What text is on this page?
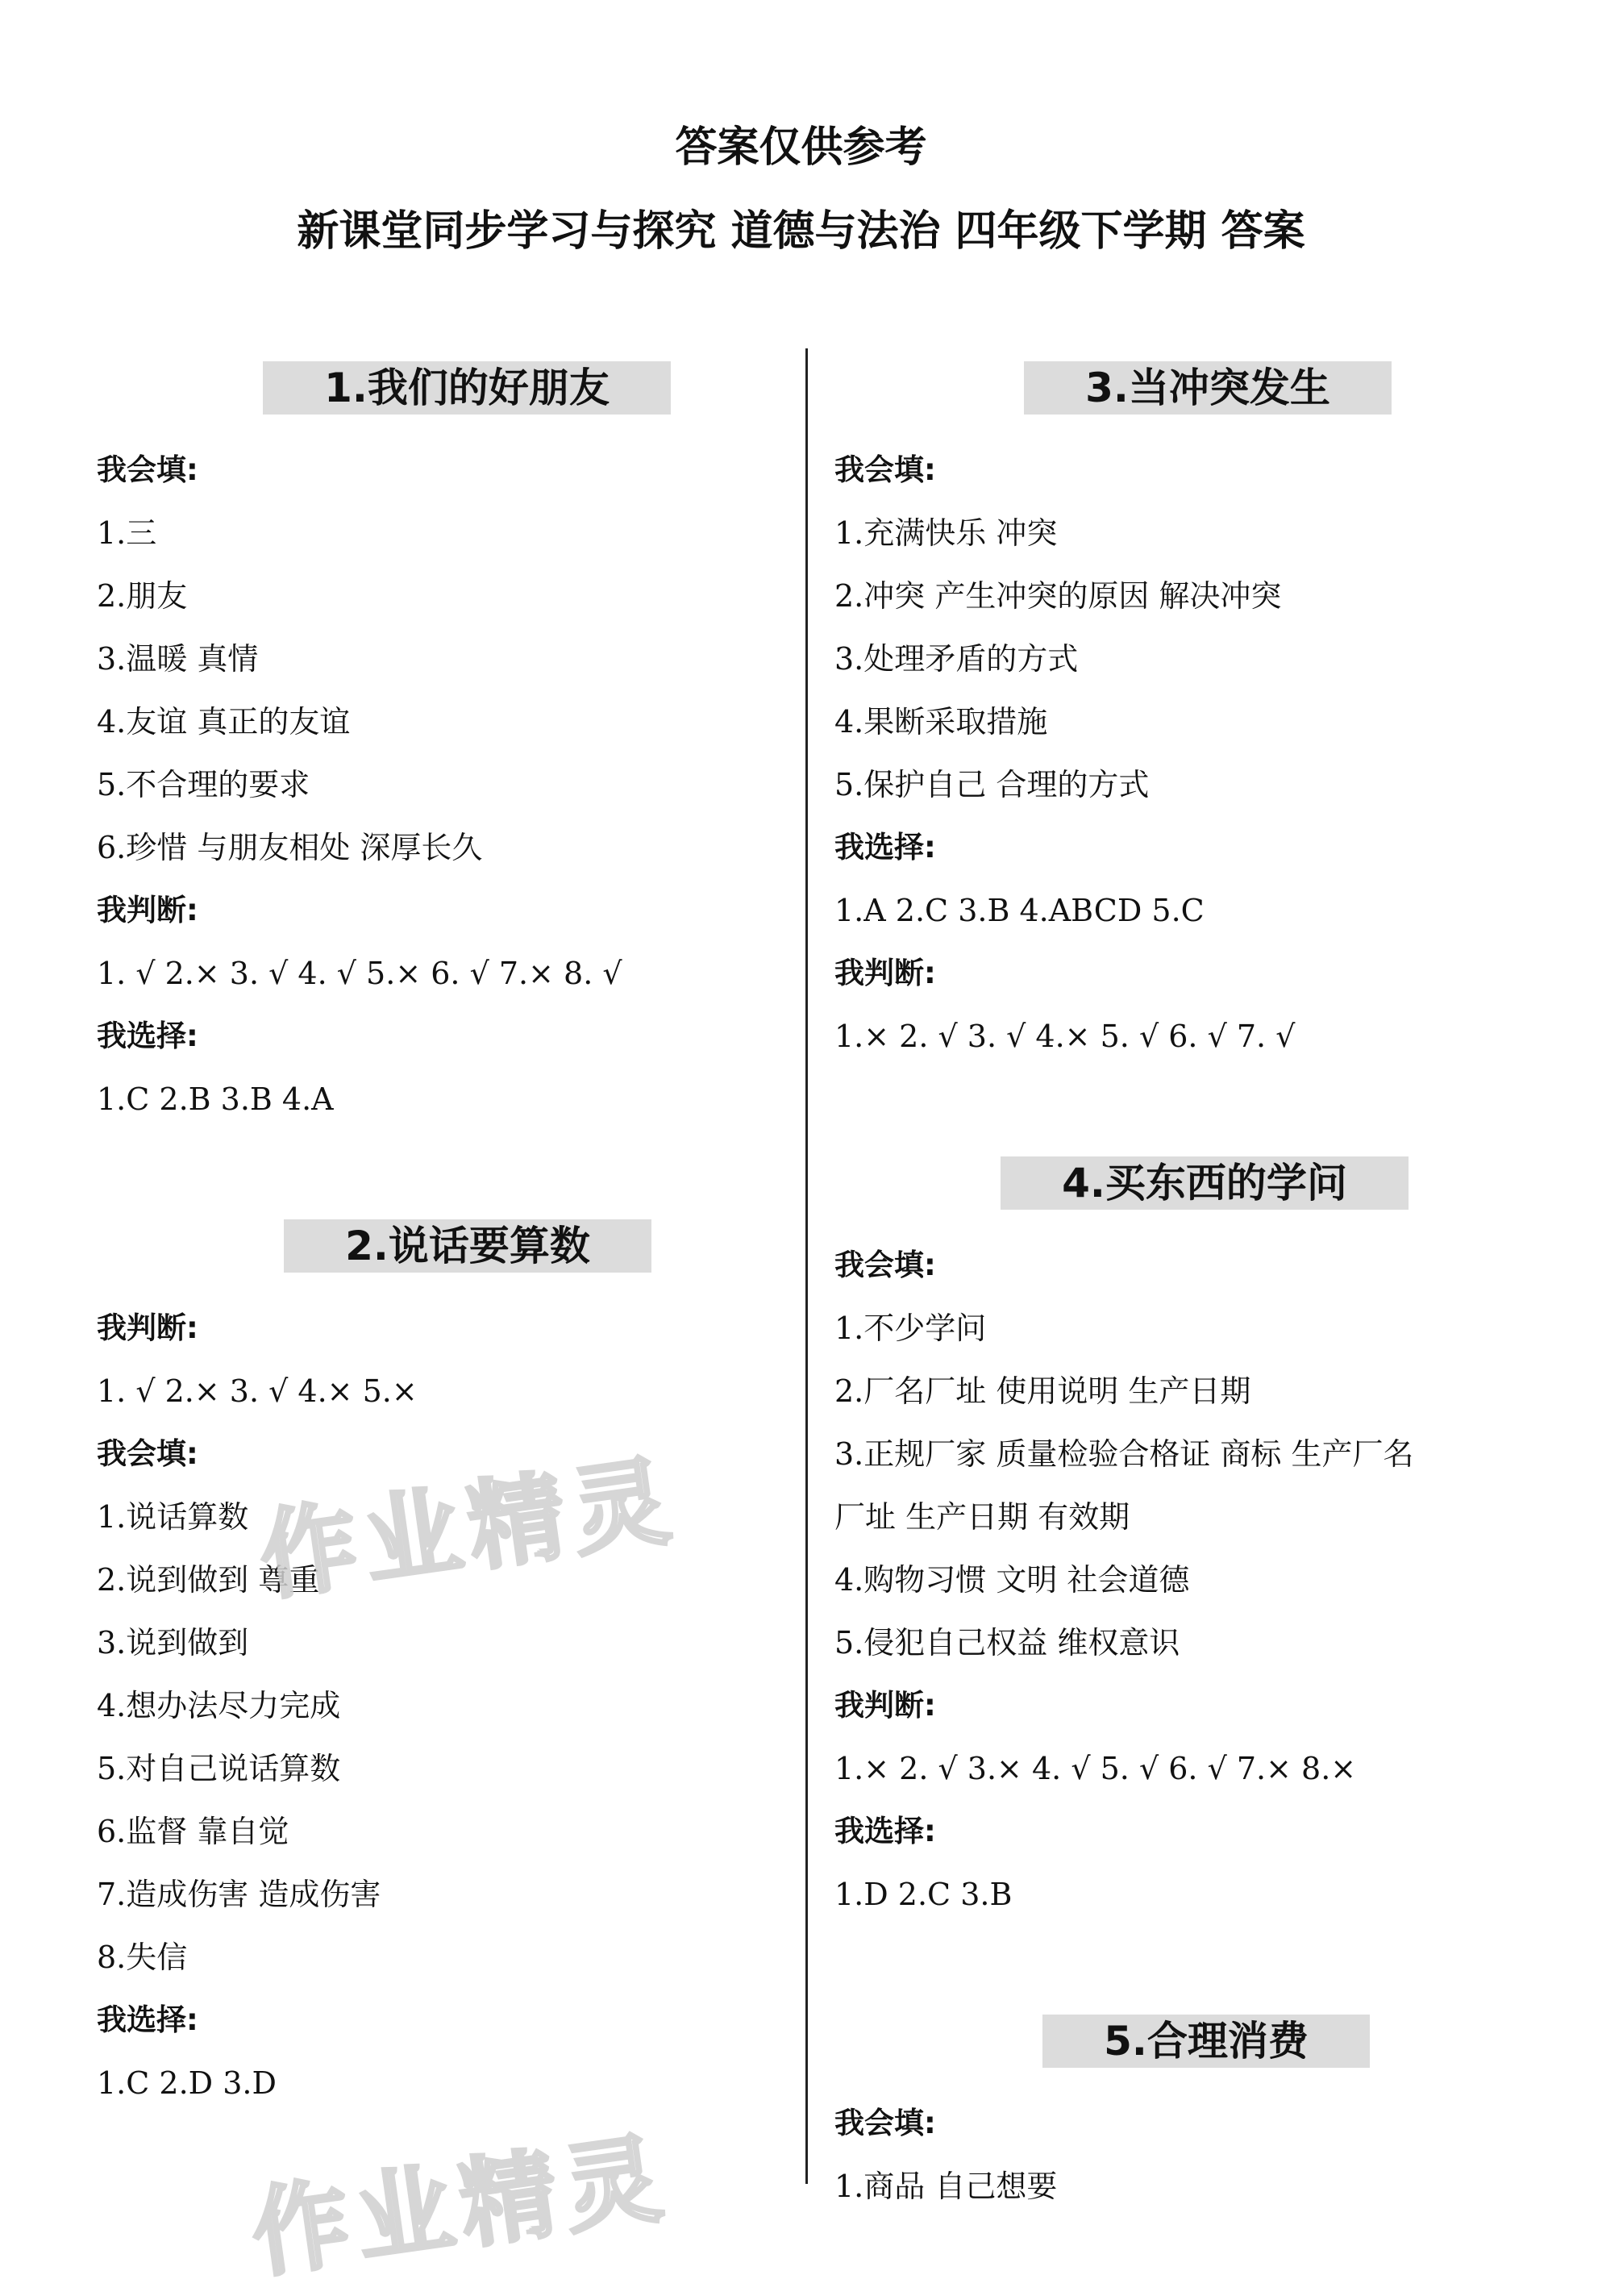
答案仅供参考
新课堂同步学习与探究 道德与法治 四年级下学期 答案
1.我们的好朋友
我会填:
1.三
2.朋友
3.温暖 真情
4.友谊 真正的友谊
5.不合理的要求
6.珍惜 与朋友相处 深厚长久
我判断:
1. √ 2.× 3. √ 4. √ 5.× 6. √ 7.× 8. √
我选择:
1.C 2.B 3.B 4.A
2.说话要算数
我判断:
1. √ 2.× 3. √ 4.× 5.×
我会填:
1.说话算数
2.说到做到 尊重
3.说到做到
4.想办法尽力完成
5.对自己说话算数
6.监督 靠自觉
7.造成伤害 造成伤害
8.失信
我选择:
1.C 2.D 3.D
3.当冲突发生
我会填:
1.充满快乐 冲突
2.冲突 产生冲突的原因 解决冲突
3.处理矛盾的方式
4.果断采取措施
5.保护自己 合理的方式
我选择:
1.A 2.C 3.B 4.ABCD 5.C
我判断:
1.× 2. √ 3. √ 4.× 5. √ 6. √ 7. √
4.买东西的学问
我会填:
1.不少学问
2.厂名厂址 使用说明 生产日期
3.正规厂家 质量检验合格证 商标 生产厂名
厂址 生产日期 有效期
4.购物习惯 文明 社会道德
5.侵犯自己权益 维权意识
我判断:
1.× 2. √ 3.× 4. √ 5. √ 6. √ 7.× 8.×
我选择:
1.D 2.C 3.B
5.合理消费
我会填:
1.商品 自己想要
作业精灵
作业精灵
